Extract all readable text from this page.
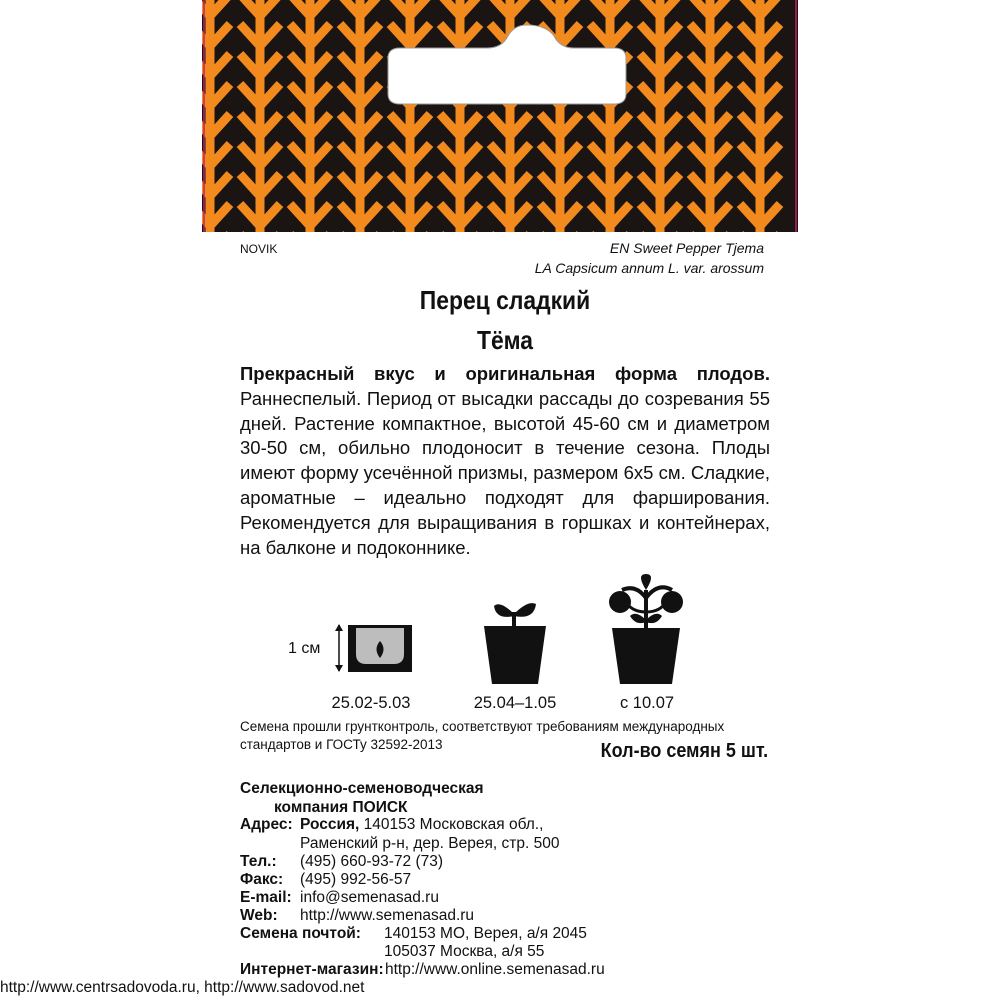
NOVIK	EN Sweet Pepper Tjema
LA Capsicum annum L. var. arossum
Перец сладкий
Тёма

Прекрасный вкус и оригинальная форма плодов. Раннеспелый. Период от высадки рассады до созревания 55 дней. Растение компактное, высотой 45-60 см и диаметром 30-50 см, обильно плодоносит в течение сезона. Плоды имеют форму усечённой призмы, размером 6х5 см. Сладкие, ароматные – идеально подходят для фарширования. Рекомендуется для выращивания в горшках и контейнерах, на балконе и подоконнике.

1 см
25.02-5.03	25.04–1.05	с 10.07
Семена прошли грунтконтроль, соответствуют требованиям международных
стандартов и ГОСТу 32592-2013	Кол-во семян 5 шт.
Селекционно-семеноводческая
компания ПОИСК
Адрес: Россия, 140153 Московская обл.,
Раменский р-н, дер. Верея, стр. 500
Тел.: (495) 660-93-72 (73)
Факс: (495) 992-56-57
E-mail: info@semenasad.ru
Web: http://www.semenasad.ru
Семена почтой: 140153 МО, Верея, а/я 2045
105037 Москва, а/я 55
Интернет-магазин: http://www.online.semenasad.ru
http://www.centrsadovoda.ru, http://www.sadovod.net
